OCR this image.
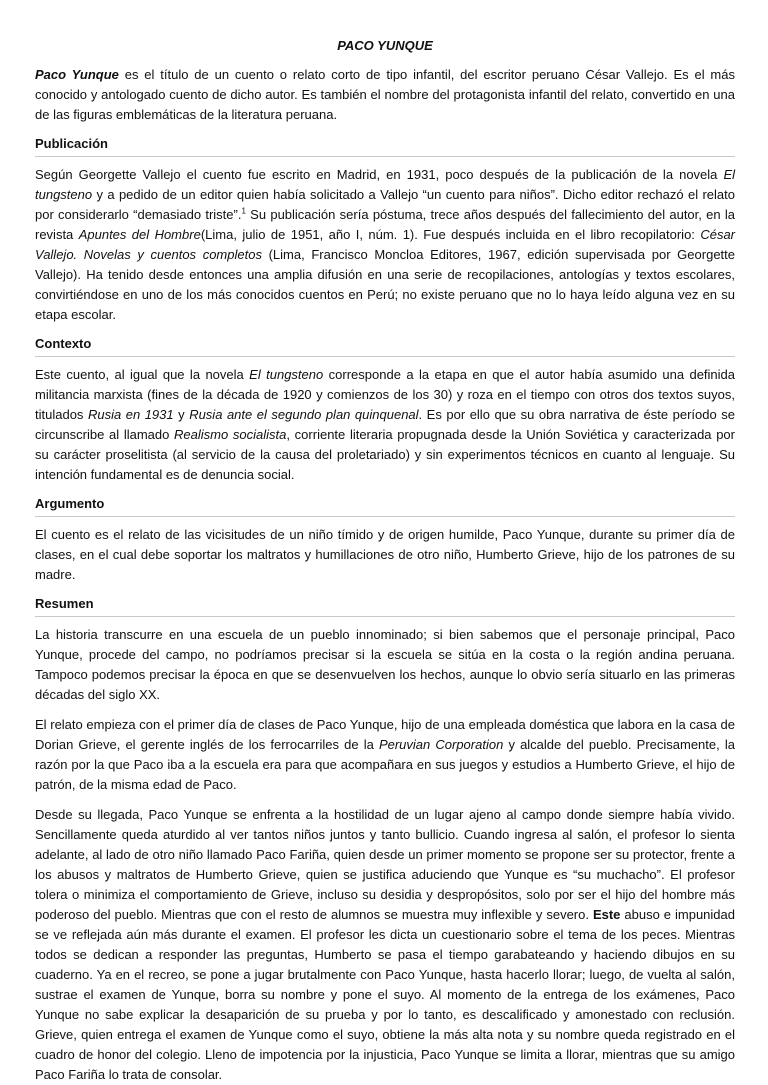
PACO YUNQUE

Paco Yunque es el título de un cuento o relato corto de tipo infantil, del escritor peruano César Vallejo. Es el más conocido y antologado cuento de dicho autor. Es también el nombre del protagonista infantil del relato, convertido en una de las figuras emblemáticas de la literatura peruana.

Publicación

Según Georgette Vallejo el cuento fue escrito en Madrid, en 1931, poco después de la publicación de la novela El tungsteno y a pedido de un editor quien había solicitado a Vallejo “un cuento para niños”. Dicho editor rechazó el relato por considerarlo “demasiado triste”.$^1$ Su publicación sería póstuma, trece años después del fallecimiento del autor, en la revista Apuntes del Hombre(Lima, julio de 1951, año I, núm. 1). Fue después incluida en el libro recopilatorio: César Vallejo. Novelas y cuentos completos (Lima, Francisco Moncloa Editores, 1967, edición supervisada por Georgette Vallejo). Ha tenido desde entonces una amplia difusión en una serie de recopilaciones, antologías y textos escolares, convirtiéndose en uno de los más conocidos cuentos en Perú; no existe peruano que no lo haya leído alguna vez en su etapa escolar.

Contexto

Este cuento, al igual que la novela El tungsteno corresponde a la etapa en que el autor había asumido una definida militancia marxista (fines de la década de 1920 y comienzos de los 30) y roza en el tiempo con otros dos textos suyos, titulados Rusia en 1931 y Rusia ante el segundo plan quinquenal. Es por ello que su obra narrativa de éste período se circunscribe al llamado Realismo socialista, corriente literaria propugnada desde la Unión Soviética y caracterizada por su carácter proselitista (al servicio de la causa del proletariado) y sin experimentos técnicos en cuanto al lenguaje. Su intención fundamental es de denuncia social.

Argumento

El cuento es el relato de las vicisitudes de un niño tímido y de origen humilde, Paco Yunque, durante su primer día de clases, en el cual debe soportar los maltratos y humillaciones de otro niño, Humberto Grieve, hijo de los patrones de su madre.

Resumen

La historia transcurre en una escuela de un pueblo innominado; si bien sabemos que el personaje principal, Paco Yunque, procede del campo, no podríamos precisar si la escuela se sitúa en la costa o la región andina peruana. Tampoco podemos precisar la época en que se desenvuelven los hechos, aunque lo obvio sería situarlo en las primeras décadas del siglo XX.

El relato empieza con el primer día de clases de Paco Yunque, hijo de una empleada doméstica que labora en la casa de Dorian Grieve, el gerente inglés de los ferrocarriles de la Peruvian Corporation y alcalde del pueblo. Precisamente, la razón por la que Paco iba a la escuela era para que acompañara en sus juegos y estudios a Humberto Grieve, el hijo de patrón, de la misma edad de Paco.

Desde su llegada, Paco Yunque se enfrenta a la hostilidad de un lugar ajeno al campo donde siempre había vivido. Sencillamente queda aturdido al ver tantos niños juntos y tanto bullicio. Cuando ingresa al salón, el profesor lo sienta adelante, al lado de otro niño llamado Paco Fariña, quien desde un primer momento se propone ser su protector, frente a los abusos y maltratos de Humberto Grieve, quien se justifica aduciendo que Yunque es “su muchacho”. El profesor tolera o minimiza el comportamiento de Grieve, incluso su desidia y despropósitos, solo por ser el hijo del hombre más poderoso del pueblo. Mientras que con el resto de alumnos se muestra muy inflexible y severo. Este abuso e impunidad se ve reflejada aún más durante el examen. El profesor les dicta un cuestionario sobre el tema de los peces. Mientras todos se dedican a responder las preguntas, Humberto se pasa el tiempo garabateando y haciendo dibujos en su cuaderno. Ya en el recreo, se pone a jugar brutalmente con Paco Yunque, hasta hacerlo llorar; luego, de vuelta al salón, sustrae el examen de Yunque, borra su nombre y pone el suyo. Al momento de la entrega de los exámenes, Paco Yunque no sabe explicar la desaparición de su prueba y por lo tanto, es descalificado y amonestado con reclusión. Grieve, quien entrega el examen de Yunque como el suyo, obtiene la más alta nota y su nombre queda registrado en el cuadro de honor del colegio. Lleno de impotencia por la injusticia, Paco Yunque se limita a llorar, mientras que su amigo Paco Fariña lo trata de consolar.
